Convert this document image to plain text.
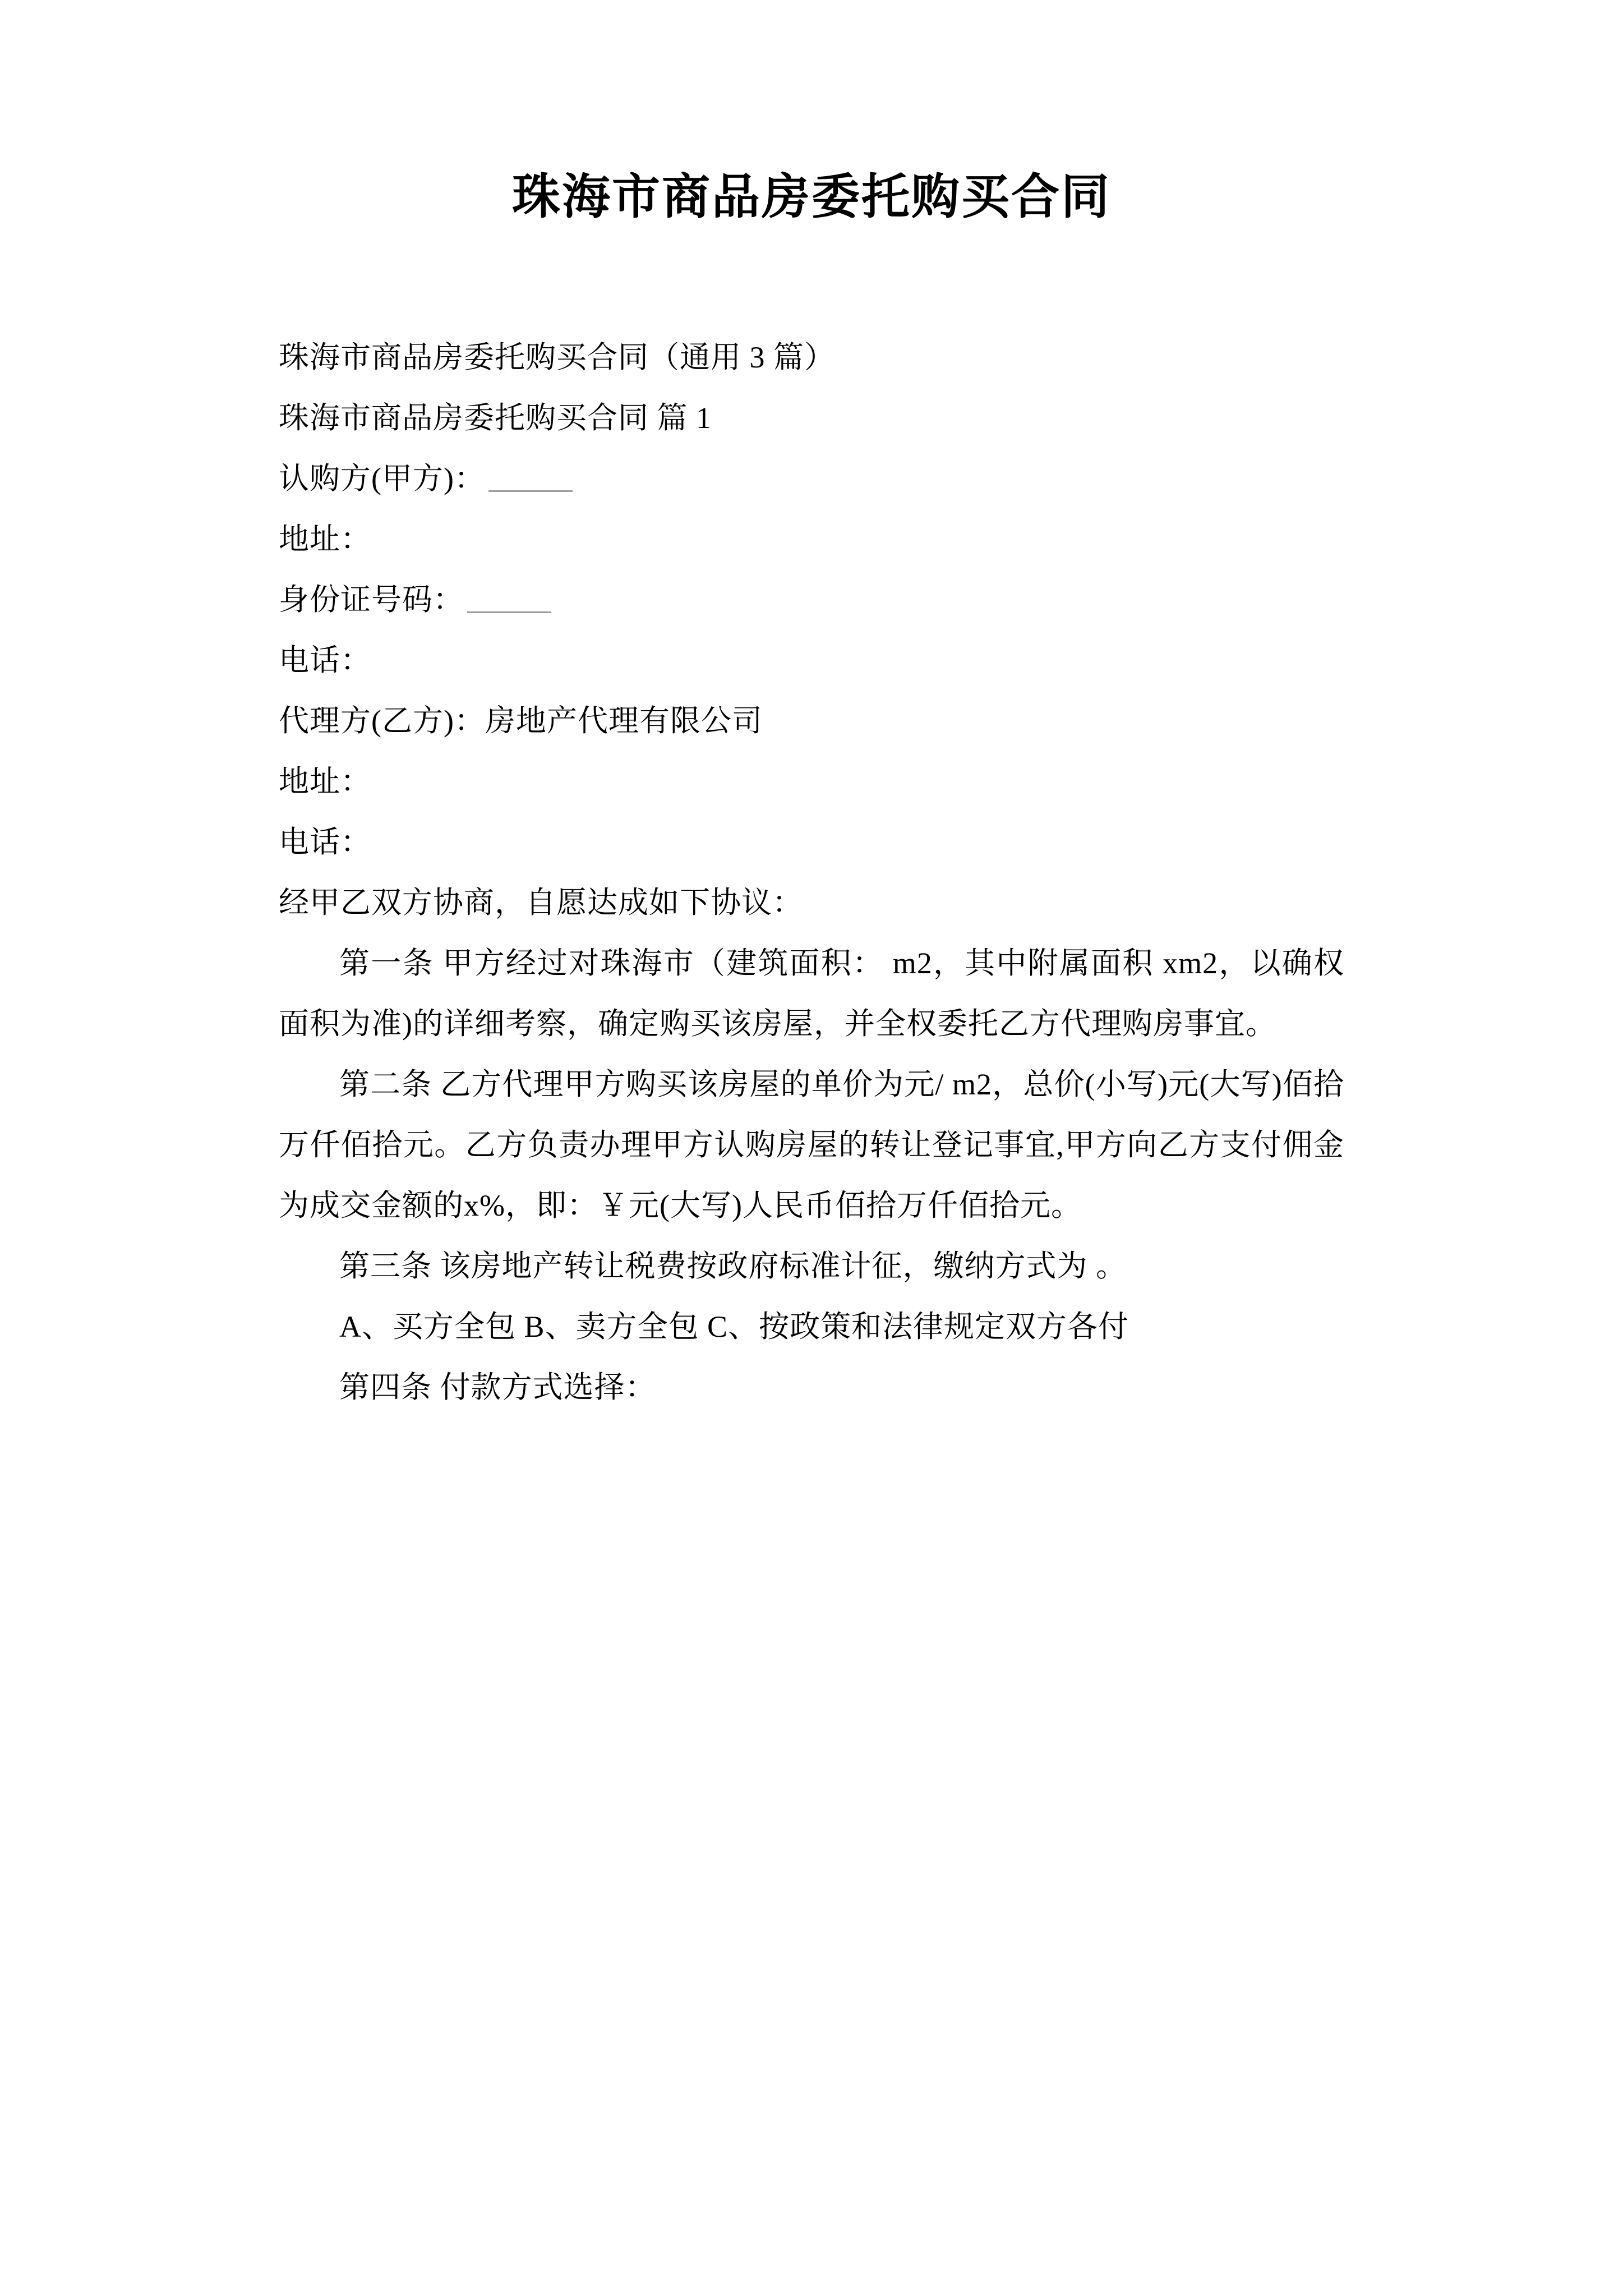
珠海市商品房委托购买合同

珠海市商品房委托购买合同（通用 3 篇）

珠海市商品房委托购买合同 篇 1

认购方(甲方)：

地址：

身份证号码：

电话：

代理方(乙方)：房地产代理有限公司

地址：

电话：

经甲乙双方协商，自愿达成如下协议：

第一条 甲方经过对珠海市（建筑面积： m2，其中附属面积 xm2，以确权面积为准)的详细考察，确定购买该房屋，并全权委托乙方代理购房事宜。

第二条 乙方代理甲方购买该房屋的单价为元/ m2，总价(小写)元(大写)佰拾万仟佰拾元。乙方负责办理甲方认购房屋的转让登记事宜,甲方向乙方支付佣金为成交金额的x%，即：￥元(大写)人民币佰拾万仟佰拾元。

第三条 该房地产转让税费按政府标准计征，缴纳方式为 。

A、买方全包 B、卖方全包 C、按政策和法律规定双方各付

第四条 付款方式选择：
